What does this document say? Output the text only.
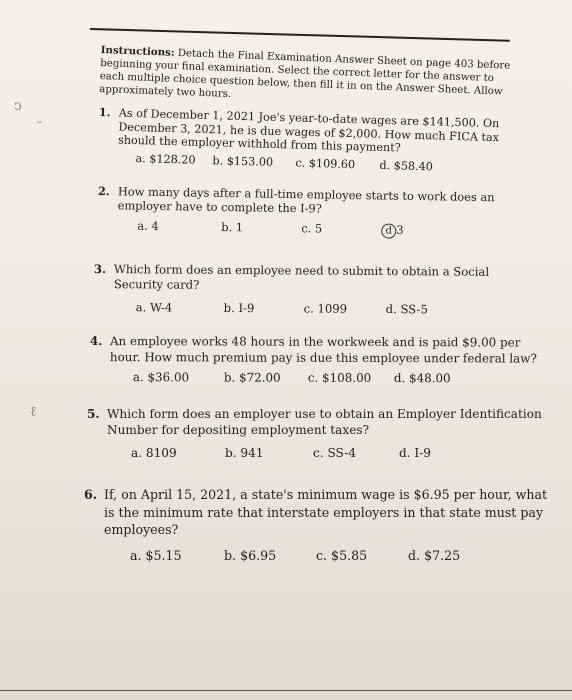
Instructions: Detach the Final Examination Answer Sheet on page 403 before beginning your final examination. Select the correct letter for the answer to each multiple choice question below, then fill it in on the Answer Sheet. Allow approximately two hours.
ↄ
˘
ℓ
1. As of December 1, 2021 Joe's year-to-date wages are $141,500. On December 3, 2021, he is due wages of $2,000. How much FICA tax should the employer withhold from this payment?
a. $128.20 b. $153.00 c. $109.60 d. $58.40
2. How many days after a full-time employee starts to work does an employer have to complete the I-9?
a. 4	b. 1	c. 5	d 3
3. Which form does an employee need to submit to obtain a Social Security card?
a. W-4	b. I-9	c. 1099	d. SS-5
4. An employee works 48 hours in the workweek and is paid $9.00 per hour. How much premium pay is due this employee under federal law?
a. $36.00	b. $72.00 c. $108.00 d. $48.00
5. Which form does an employer use to obtain an Employer Identification Number for depositing employment taxes?
a. 8109	b. 941	c. SS-4	d. I-9
6. If, on April 15, 2021, a state's minimum wage is $6.95 per hour, what is the minimum rate that interstate employers in that state must pay employees?
a. $5.15	b. $6.95	c. $5.85	d. $7.25
